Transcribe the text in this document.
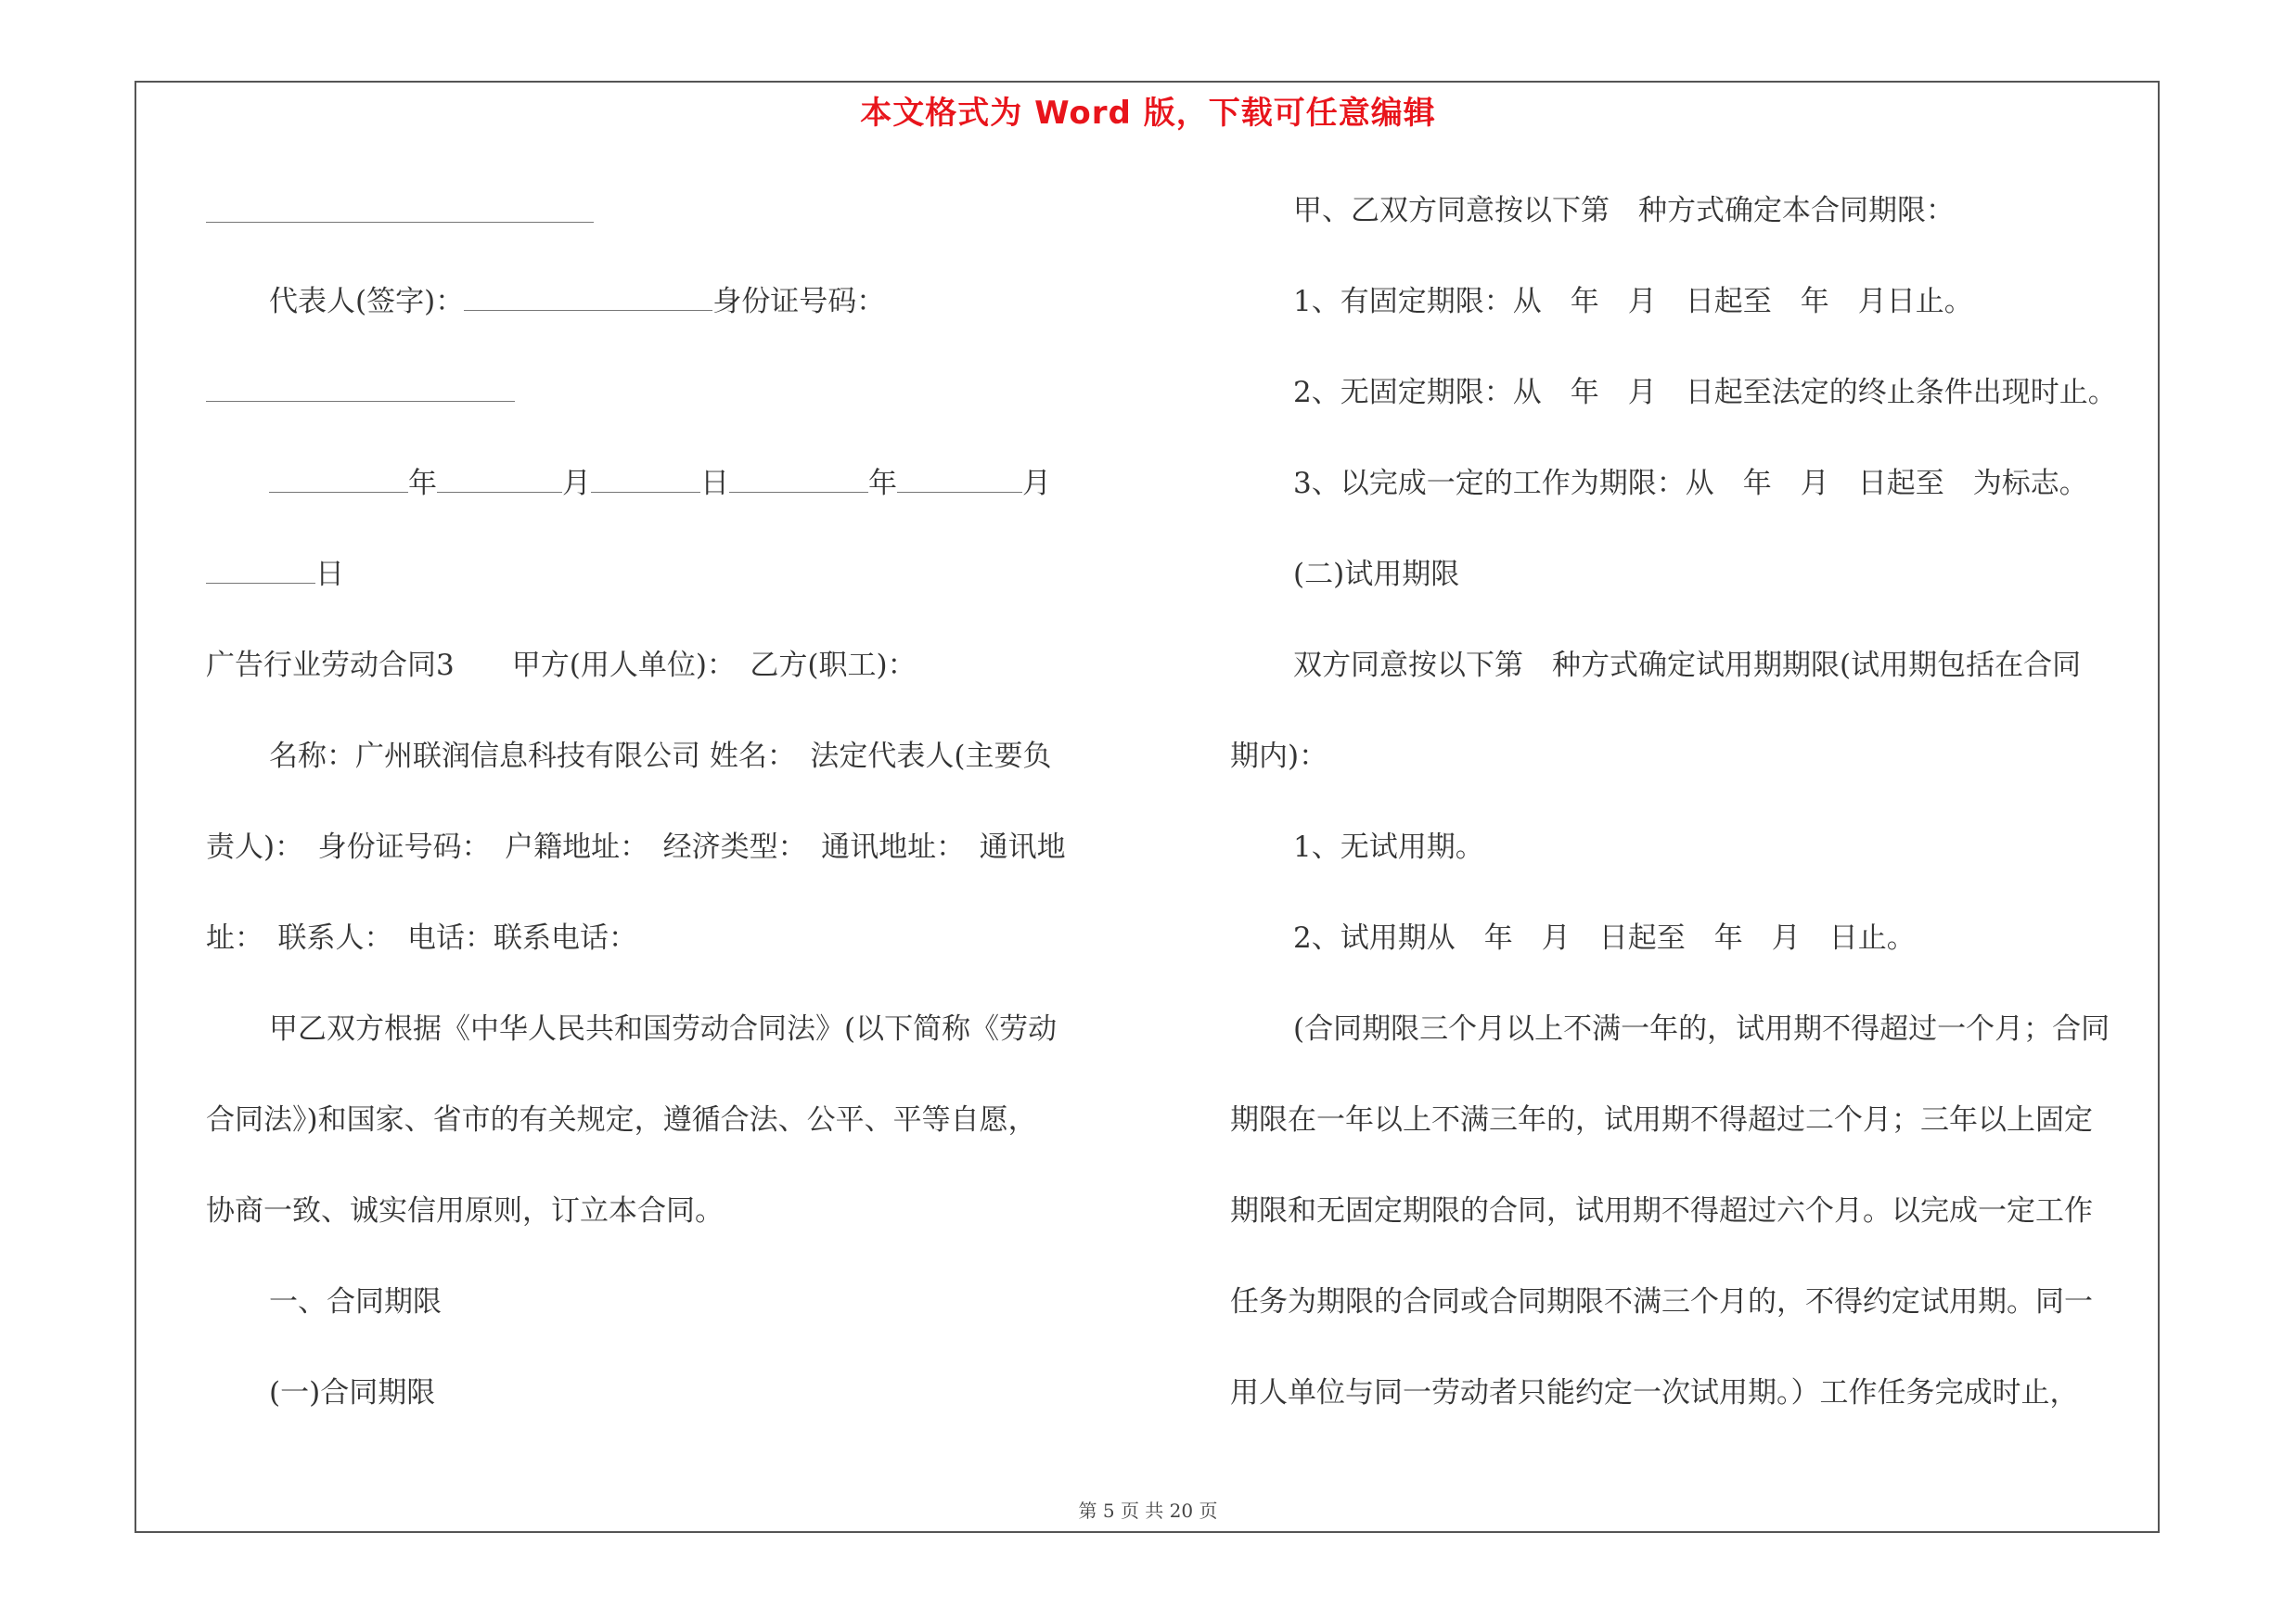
本文格式为 Word 版，下载可任意编辑
代表人(签字)：	身份证号码：
年	月	日	年	月
日
广告行业劳动合同3　　甲方(用人单位)：　乙方(职工)：
名称：广州联润信息科技有限公司 姓名：　法定代表人(主要负
责人)：　身份证号码：　户籍地址：　经济类型：　通讯地址：　通讯地
址：　联系人：　电话：联系电话：
甲乙双方根据《中华人民共和国劳动合同法》(以下简称《劳动
合同法》)和国家、省市的有关规定，遵循合法、公平、平等自愿，
协商一致、诚实信用原则，订立本合同。
一、合同期限
(一)合同期限
甲、乙双方同意按以下第　种方式确定本合同期限：
1、有固定期限：从　年　月　日起至　年　月日止。
2、无固定期限：从　年　月　日起至法定的终止条件出现时止。
3、以完成一定的工作为期限：从　年　月　日起至　为标志。
(二)试用期限
双方同意按以下第　种方式确定试用期期限(试用期包括在合同
期内)：
1、无试用期。
2、试用期从　年　月　日起至　年　月　日止。
(合同期限三个月以上不满一年的，试用期不得超过一个月；合同
期限在一年以上不满三年的，试用期不得超过二个月；三年以上固定
期限和无固定期限的合同，试用期不得超过六个月。以完成一定工作
任务为期限的合同或合同期限不满三个月的，不得约定试用期。同一
用人单位与同一劳动者只能约定一次试用期。）工作任务完成时止，
第 5 页 共 20 页
